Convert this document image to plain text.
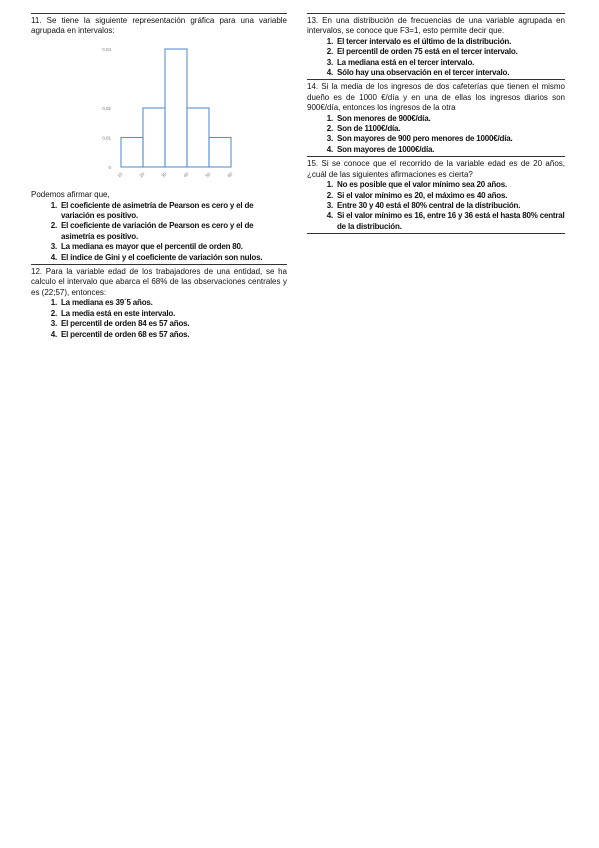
11. Se tiene la siguiente representación gráfica para una variable agrupada en intervalos:
0
0,01
0,02
0,04
10	20	30	40	50	60
Podemos afirmar que,
1. El coeficiente de asimetría de Pearson es cero y el de variación es positivo.
2. El coeficiente de variación de Pearson es cero y el de asimetría es positivo.
3. La mediana es mayor que el percentil de orden 80.
4. El índice de Gini y el coeficiente de variación son nulos.
12. Para la variable edad de los trabajadores de una entidad, se ha calculo el intervalo que abarca el 68% de las observaciones centrales y es (22;57), entonces:
1. La mediana es 39´5 años.
2. La media está en este intervalo.
3. El percentil de orden 84 es 57 años.
4. El percentil de orden 68 es 57 años.
13. En una distribución de frecuencias de una variable agrupada en intervalos, se conoce que F3=1, esto permite decir que.
1. El tercer intervalo es el último de la distribución.
2. El percentil de orden 75 está en el tercer intervalo.
3. La mediana está en el tercer intervalo.
4. Sólo hay una observación en el tercer intervalo.
14. Si la media de los ingresos de dos cafeterías que tienen el mismo dueño es de 1000 €/día y en una de ellas los ingresos diarios son 900€/día, entonces los ingresos de la otra
1. Son menores de 900€/día.
2. Son de 1100€/día.
3. Son mayores de 900 pero menores de 1000€/día.
4. Son mayores de 1000€/día.
15. Si se conoce que el recorrido de la variable edad es de 20 años, ¿cuál de las siguientes afirmaciones es cierta?
1. No es posible que el valor mínimo sea 20 años.
2. Si el valor mínimo es 20, el máximo es 40 años.
3. Entre 30 y 40 está el 80% central de la distribución.
4. Si el valor mínimo es 16, entre 16 y 36 está el hasta 80% central de la distribución.
